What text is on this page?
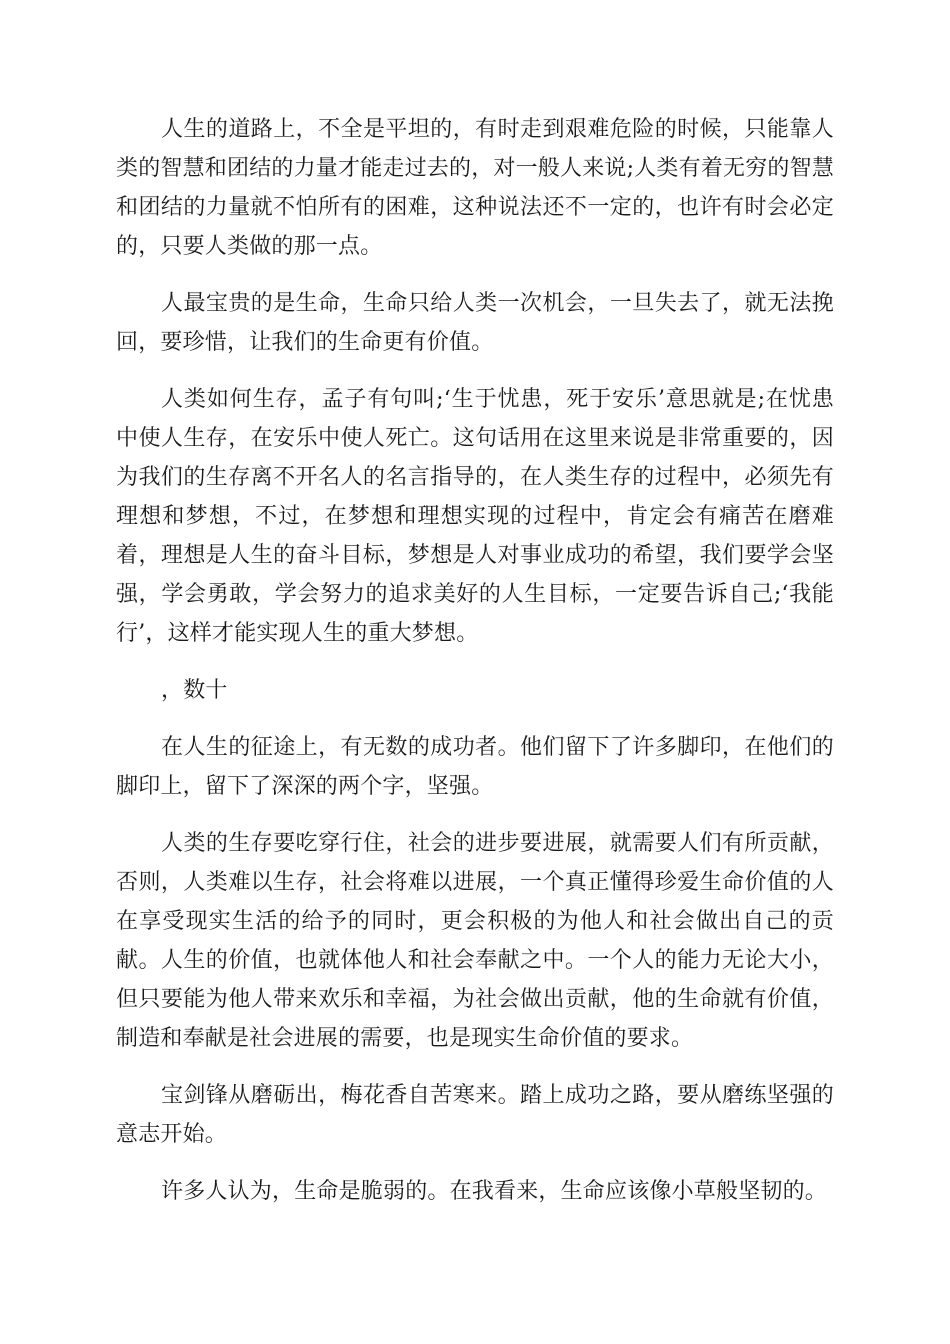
人生的道路上，不全是平坦的，有时走到艰难危险的时候，只能靠人类的智慧和团结的力量才能走过去的，对一般人来说;人类有着无穷的智慧和团结的力量就不怕所有的困难，这种说法还不一定的，也许有时会必定的，只要人类做的那一点。

人最宝贵的是生命，生命只给人类一次机会，一旦失去了，就无法挽回，要珍惜，让我们的生命更有价值。

人类如何生存，孟子有句叫;‘生于忧患，死于安乐’意思就是;在忧患中使人生存，在安乐中使人死亡。这句话用在这里来说是非常重要的，因为我们的生存离不开名人的名言指导的，在人类生存的过程中，必须先有理想和梦想，不过，在梦想和理想实现的过程中，肯定会有痛苦在磨难着，理想是人生的奋斗目标，梦想是人对事业成功的希望，我们要学会坚强，学会勇敢，学会努力的追求美好的人生目标，一定要告诉自己;‘我能行’，这样才能实现人生的重大梦想。

，数十

在人生的征途上，有无数的成功者。他们留下了许多脚印，在他们的脚印上，留下了深深的两个字，坚强。

人类的生存要吃穿行住，社会的进步要进展，就需要人们有所贡献，否则，人类难以生存，社会将难以进展，一个真正懂得珍爱生命价值的人在享受现实生活的给予的同时，更会积极的为他人和社会做出自己的贡献。人生的价值，也就体他人和社会奉献之中。一个人的能力无论大小，但只要能为他人带来欢乐和幸福，为社会做出贡献，他的生命就有价值，制造和奉献是社会进展的需要，也是现实生命价值的要求。

宝剑锋从磨砺出，梅花香自苦寒来。踏上成功之路，要从磨练坚强的意志开始。

许多人认为，生命是脆弱的。在我看来，生命应该像小草般坚韧的。
